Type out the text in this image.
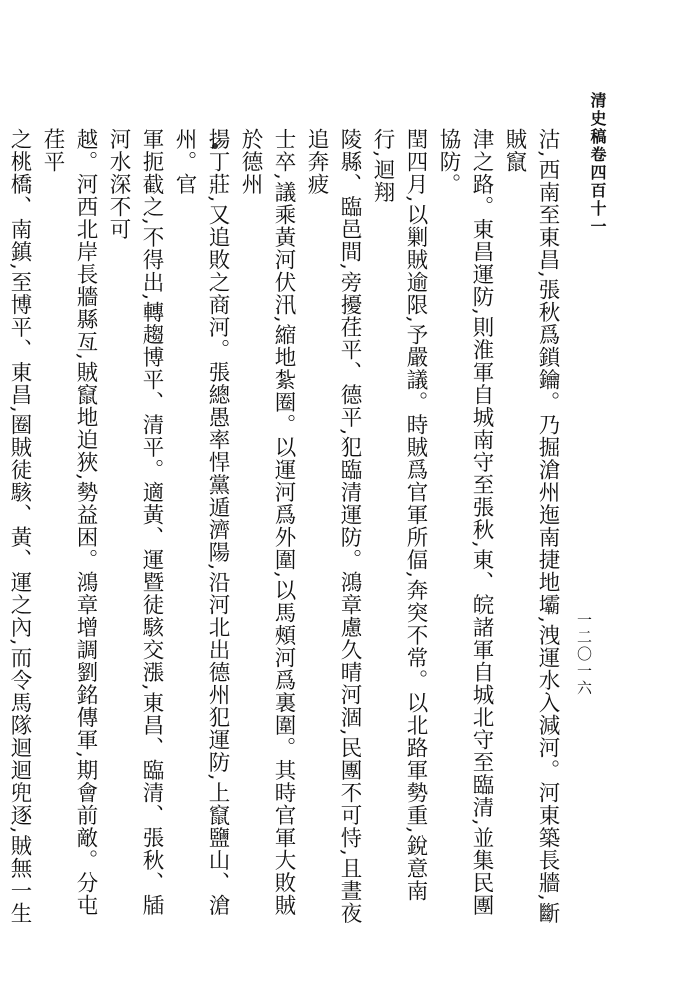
清史稿卷四百十一
一二〇一六
沽,西南至東昌,張秋爲鎖鑰。乃掘滄州迤南捷地壩,洩運水入減河。河東築長牆,斷賊竄
津之路。東昌運防,則淮軍自城南守至張秋,東、皖諸軍自城北守至臨清,並集民團協防。
閏四月,以剿賊逾限,予嚴議。時賊爲官軍所偪,奔突不常。以北路軍勢重,銳意南行,迴翔
陵縣、臨邑間,旁擾荏平、德平,犯臨清運防。鴻章慮久晴河涸,民團不可恃,且晝夜追奔疲
士卒,議乘黃河伏汛,縮地紮圈。以運河爲外圍,以馬頰河爲裏圍。其時官軍大敗賊於德州
揚丁莊,又追敗之商河。張總愚率悍黨遁濟陽,沿河北出德州犯運防,上竄鹽山、滄州。官
軍扼截之,不得出,轉趨博平、清平。適黃、運暨徒駭交漲,東昌、臨清、張秋、牐河水深不可
越。河西北岸長牆縣亙,賊竄地迫狹,勢益困。鴻章增調劉銘傳軍,期會前敵。分屯荏平
之桃橋、南鎮,至博平、東昌,圈賊徒駭、黃、運之內,而令馬隊迴迴兜逐,賊無一生
